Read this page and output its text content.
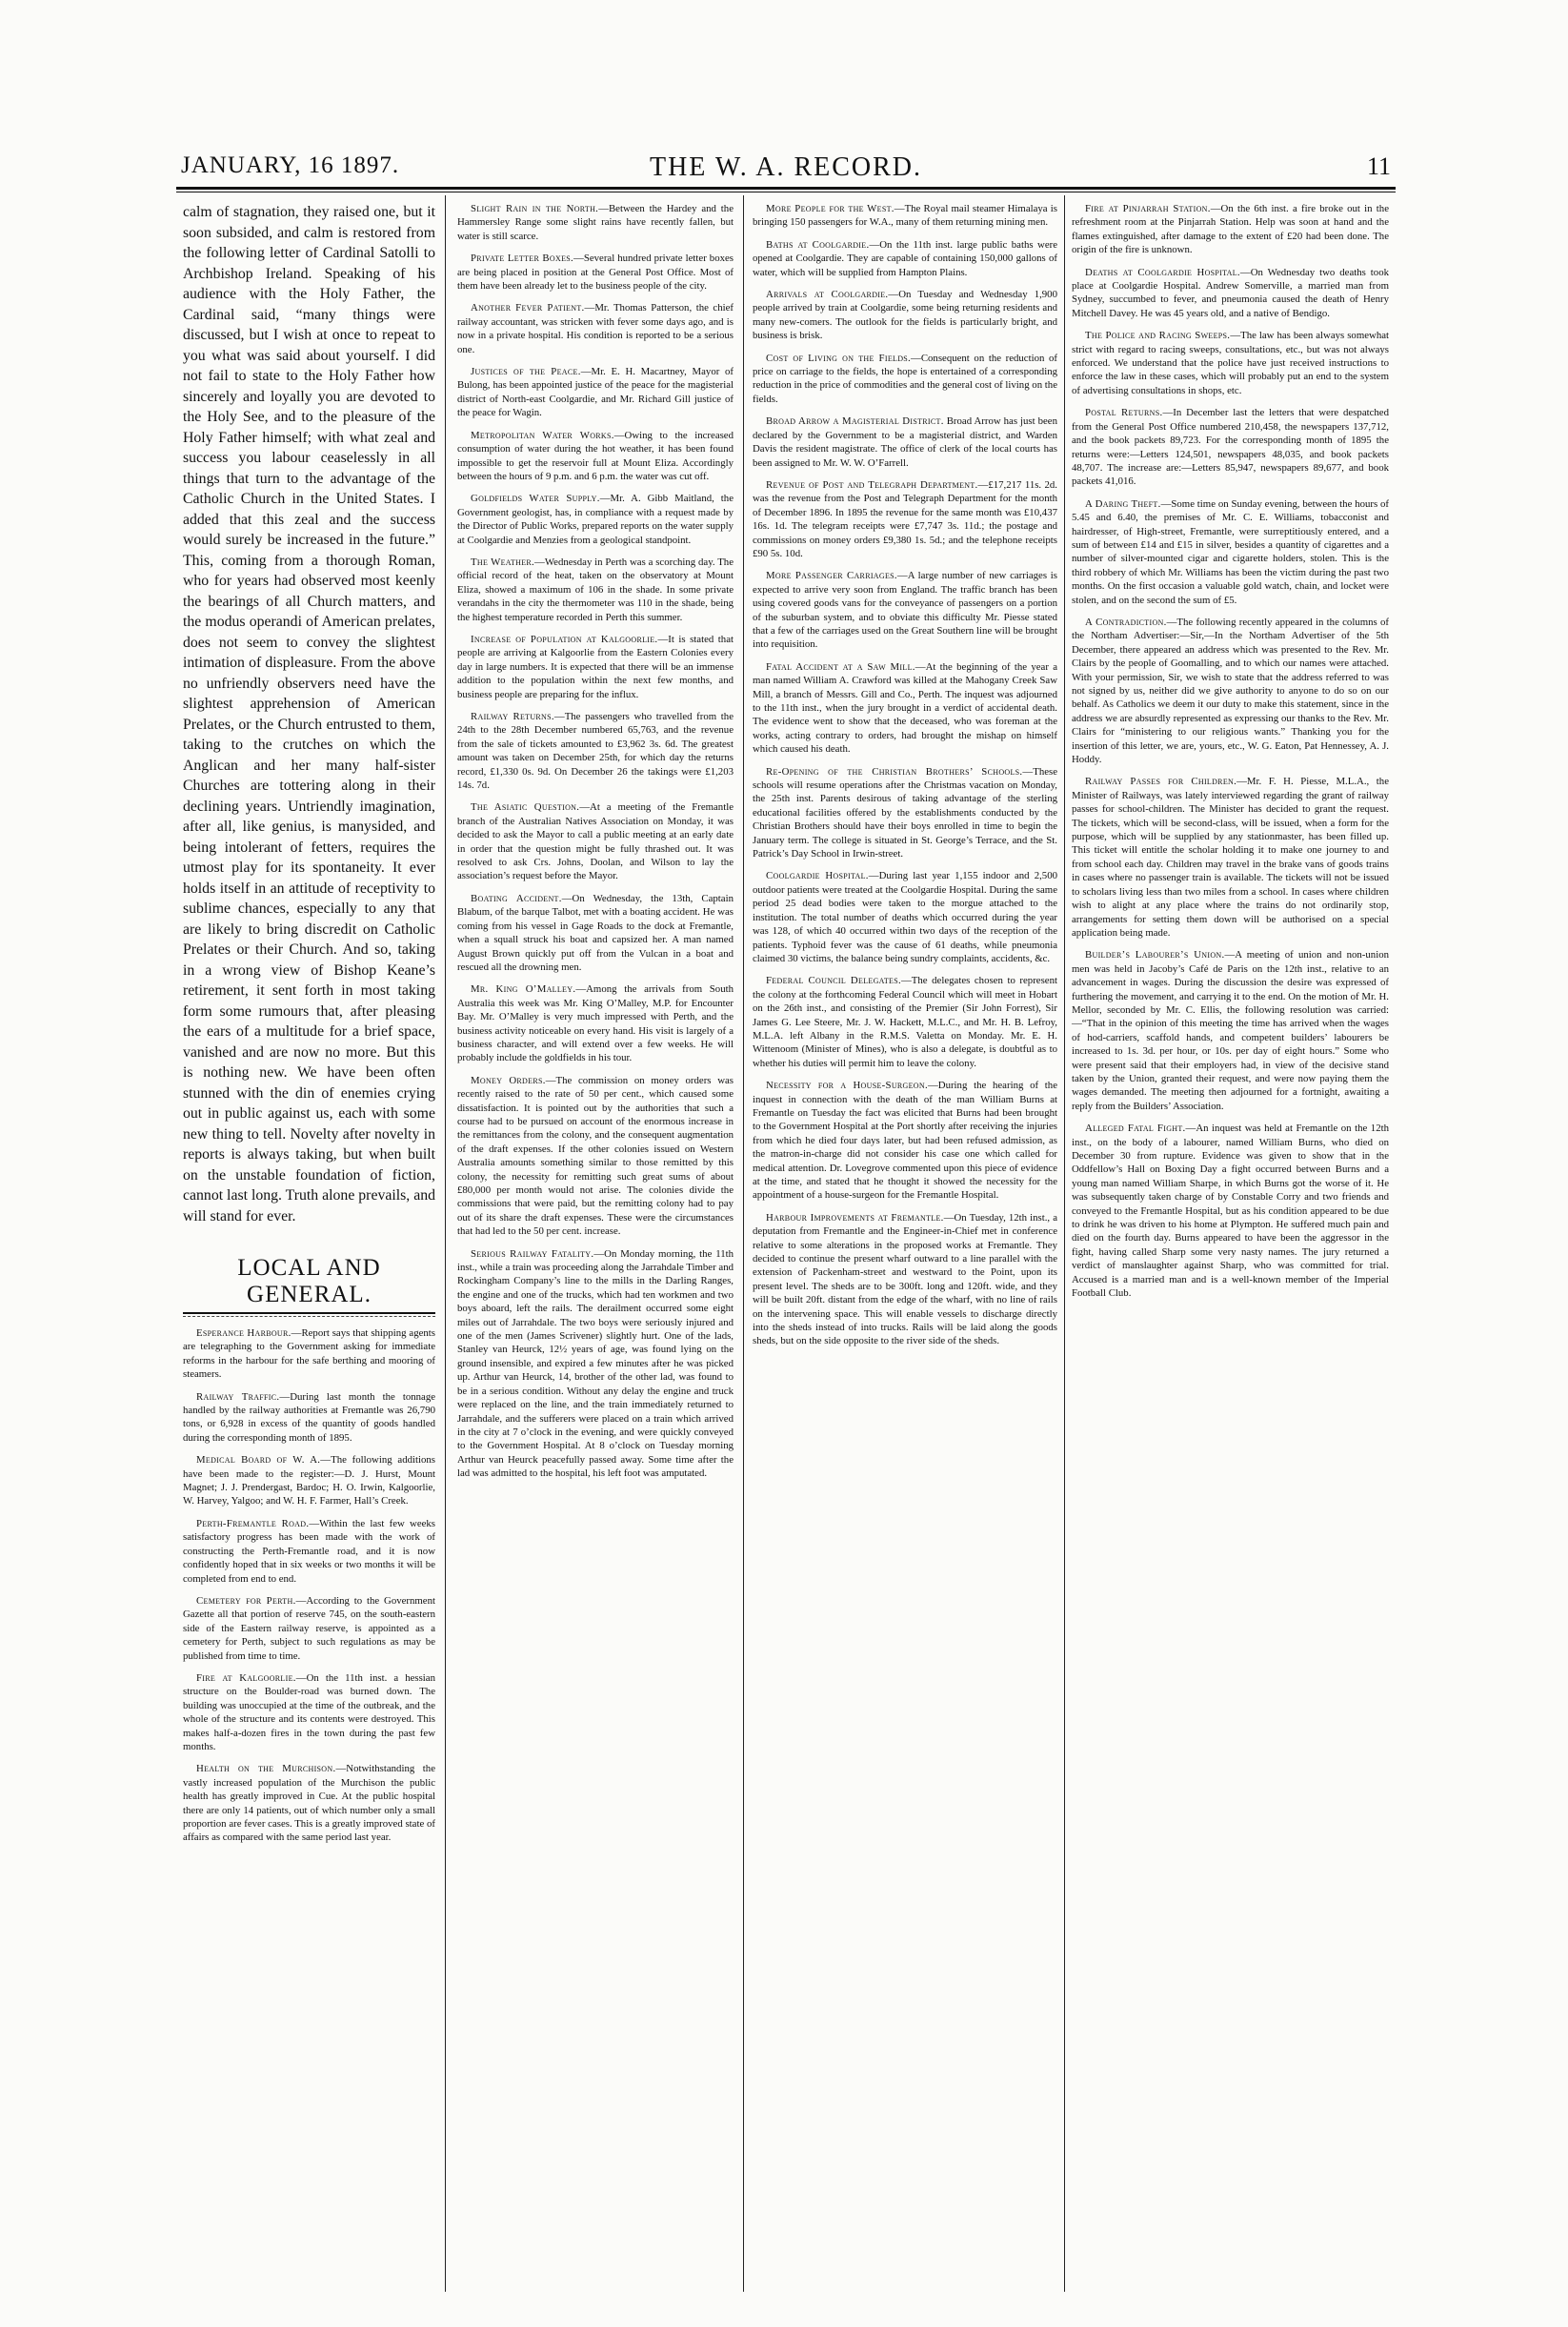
JANUARY, 16 1897.	THE W. A. RECORD.	11

calm of stagnation, they raised one, but it soon subsided, and calm is restored from the following letter of Cardinal Satolli to Archbishop Ireland. Speaking of his audience with the Holy Father, the Cardinal said, “many things were discussed, but I wish at once to repeat to you what was said about yourself. I did not fail to state to the Holy Father how sincerely and loyally you are devoted to the Holy See, and to the pleasure of the Holy Father himself; with what zeal and success you labour ceaselessly in all things that turn to the advantage of the Catholic Church in the United States. I added that this zeal and the success would surely be increased in the future.” This, coming from a thorough Roman, who for years had observed most keenly the bearings of all Church matters, and the modus operandi of American prelates, does not seem to convey the slightest intimation of displeasure. From the above no unfriendly observers need have the slightest apprehension of American Prelates, or the Church entrusted to them, taking to the crutches on which the Anglican and her many half-sister Churches are tottering along in their declining years. Untriendly imagination, after all, like genius, is manysided, and being intolerant of fetters, requires the utmost play for its spontaneity. It ever holds itself in an attitude of receptivity to sublime chances, especially to any that are likely to bring discredit on Catholic Prelates or their Church. And so, taking in a wrong view of Bishop Keane’s retirement, it sent forth in most taking form some rumours that, after pleasing the ears of a multitude for a brief space, vanished and are now no more. But this is nothing new. We have been often stunned with the din of enemies crying out in public against us, each with some new thing to tell. Novelty after novelty in reports is always taking, but when built on the unstable foundation of fiction, cannot last long. Truth alone prevails, and will stand for ever.

LOCAL AND GENERAL.

Esperance Harbour.—Report says that shipping agents are telegraphing to the Government asking for immediate reforms in the harbour for the safe berthing and mooring of steamers.

Railway Traffic.—During last month the tonnage handled by the railway authorities at Fremantle was 26,790 tons, or 6,928 in excess of the quantity of goods handled during the corresponding month of 1895.

Medical Board of W. A.—The following additions have been made to the register:—D. J. Hurst, Mount Magnet; J. J. Prendergast, Bardoc; H. O. Irwin, Kalgoorlie, W. Harvey, Yalgoo; and W. H. F. Farmer, Hall’s Creek.

Perth-Fremantle Road.—Within the last few weeks satisfactory progress has been made with the work of constructing the Perth-Fremantle road, and it is now confidently hoped that in six weeks or two months it will be completed from end to end.

Cemetery for Perth.—According to the Government Gazette all that portion of reserve 745, on the south-eastern side of the Eastern railway reserve, is appointed as a cemetery for Perth, subject to such regulations as may be published from time to time.

Fire at Kalgoorlie.—On the 11th inst. a hessian structure on the Boulder-road was burned down. The building was unoccupied at the time of the outbreak, and the whole of the structure and its contents were destroyed. This makes half-a-dozen fires in the town during the past few months.

Health on the Murchison.—Notwithstanding the vastly increased population of the Murchison the public health has greatly improved in Cue. At the public hospital there are only 14 patients, out of which number only a small proportion are fever cases. This is a greatly improved state of affairs as compared with the same period last year.

Slight Rain in the North.—Between the Hardey and the Hammersley Range some slight rains have recently fallen, but water is still scarce.

Private Letter Boxes.—Several hundred private letter boxes are being placed in position at the General Post Office. Most of them have been already let to the business people of the city.

Another Fever Patient.—Mr. Thomas Patterson, the chief railway accountant, was stricken with fever some days ago, and is now in a private hospital. His condition is reported to be a serious one.

Justices of the Peace.—Mr. E. H. Macartney, Mayor of Bulong, has been appointed justice of the peace for the magisterial district of North-east Coolgardie, and Mr. Richard Gill justice of the peace for Wagin.

Metropolitan Water Works.—Owing to the increased consumption of water during the hot weather, it has been found impossible to get the reservoir full at Mount Eliza. Accordingly between the hours of 9 p.m. and 6 p.m. the water was cut off.

Goldfields Water Supply.—Mr. A. Gibb Maitland, the Government geologist, has, in compliance with a request made by the Director of Public Works, prepared reports on the water supply at Coolgardie and Menzies from a geological standpoint.

The Weather.—Wednesday in Perth was a scorching day. The official record of the heat, taken on the observatory at Mount Eliza, showed a maximum of 106 in the shade. In some private verandahs in the city the thermometer was 110 in the shade, being the highest temperature recorded in Perth this summer.

Increase of Population at Kalgoorlie.—It is stated that people are arriving at Kalgoorlie from the Eastern Colonies every day in large numbers. It is expected that there will be an immense addition to the population within the next few months, and business people are preparing for the influx.

Railway Returns.—The passengers who travelled from the 24th to the 28th December numbered 65,763, and the revenue from the sale of tickets amounted to £3,962 3s. 6d. The greatest amount was taken on December 25th, for which day the returns record, £1,330 0s. 9d. On December 26 the takings were £1,203 14s. 7d.

The Asiatic Question.—At a meeting of the Fremantle branch of the Australian Natives Association on Monday, it was decided to ask the Mayor to call a public meeting at an early date in order that the question might be fully thrashed out. It was resolved to ask Crs. Johns, Doolan, and Wilson to lay the association’s request before the Mayor.

Boating Accident.—On Wednesday, the 13th, Captain Blabum, of the barque Talbot, met with a boating accident. He was coming from his vessel in Gage Roads to the dock at Fremantle, when a squall struck his boat and capsized her. A man named August Brown quickly put off from the Vulcan in a boat and rescued all the drowning men.

Mr. King O’Malley.—Among the arrivals from South Australia this week was Mr. King O’Malley, M.P. for Encounter Bay. Mr. O’Malley is very much impressed with Perth, and the business activity noticeable on every hand. His visit is largely of a business character, and will extend over a few weeks. He will probably include the goldfields in his tour.

Money Orders.—The commission on money orders was recently raised to the rate of 50 per cent., which caused some dissatisfaction. It is pointed out by the authorities that such a course had to be pursued on account of the enormous increase in the remittances from the colony, and the consequent augmentation of the draft expenses. If the other colonies issued on Western Australia amounts something similar to those remitted by this colony, the necessity for remitting such great sums of about £80,000 per month would not arise. The colonies divide the commissions that were paid, but the remitting colony had to pay out of its share the draft expenses. These were the circumstances that had led to the 50 per cent. increase.

Serious Railway Fatality.—On Monday morning, the 11th inst., while a train was proceeding along the Jarrahdale Timber and Rockingham Company’s line to the mills in the Darling Ranges, the engine and one of the trucks, which had ten workmen and two boys aboard, left the rails. The derailment occurred some eight miles out of Jarrahdale. The two boys were seriously injured and one of the men (James Scrivener) slightly hurt. One of the lads, Stanley van Heurck, 12½ years of age, was found lying on the ground insensible, and expired a few minutes after he was picked up. Arthur van Heurck, 14, brother of the other lad, was found to be in a serious condition. Without any delay the engine and truck were replaced on the line, and the train immediately returned to Jarrahdale, and the sufferers were placed on a train which arrived in the city at 7 o’clock in the evening, and were quickly conveyed to the Government Hospital. At 8 o’clock on Tuesday morning Arthur van Heurck peacefully passed away. Some time after the lad was admitted to the hospital, his left foot was amputated.

More People for the West.—The Royal mail steamer Himalaya is bringing 150 passengers for W.A., many of them returning mining men.

Baths at Coolgardie.—On the 11th inst. large public baths were opened at Coolgardie. They are capable of containing 150,000 gallons of water, which will be supplied from Hampton Plains.

Arrivals at Coolgardie.—On Tuesday and Wednesday 1,900 people arrived by train at Coolgardie, some being returning residents and many new-comers. The outlook for the fields is particularly bright, and business is brisk.

Cost of Living on the Fields.—Consequent on the reduction of price on carriage to the fields, the hope is entertained of a corresponding reduction in the price of commodities and the general cost of living on the fields.

Broad Arrow a Magisterial District. Broad Arrow has just been declared by the Government to be a magisterial district, and Warden Davis the resident magistrate. The office of clerk of the local courts has been assigned to Mr. W. W. O’Farrell.

Revenue of Post and Telegraph Department.—£17,217 11s. 2d. was the revenue from the Post and Telegraph Department for the month of December 1896. In 1895 the revenue for the same month was £10,437 16s. 1d. The telegram receipts were £7,747 3s. 11d.; the postage and commissions on money orders £9,380 1s. 5d.; and the telephone receipts £90 5s. 10d.

More Passenger Carriages.—A large number of new carriages is expected to arrive very soon from England. The traffic branch has been using covered goods vans for the conveyance of passengers on a portion of the suburban system, and to obviate this difficulty Mr. Piesse stated that a few of the carriages used on the Great Southern line will be brought into requisition.

Fatal Accident at a Saw Mill.—At the beginning of the year a man named William A. Crawford was killed at the Mahogany Creek Saw Mill, a branch of Messrs. Gill and Co., Perth. The inquest was adjourned to the 11th inst., when the jury brought in a verdict of accidental death. The evidence went to show that the deceased, who was foreman at the works, acting contrary to orders, had brought the mishap on himself which caused his death.

Re-Opening of the Christian Brothers’ Schools.—These schools will resume operations after the Christmas vacation on Monday, the 25th inst. Parents desirous of taking advantage of the sterling educational facilities offered by the establishments conducted by the Christian Brothers should have their boys enrolled in time to begin the January term. The college is situated in St. George’s Terrace, and the St. Patrick’s Day School in Irwin-street.

Coolgardie Hospital.—During last year 1,155 indoor and 2,500 outdoor patients were treated at the Coolgardie Hospital. During the same period 25 dead bodies were taken to the morgue attached to the institution. The total number of deaths which occurred during the year was 128, of which 40 occurred within two days of the reception of the patients. Typhoid fever was the cause of 61 deaths, while pneumonia claimed 30 victims, the balance being sundry complaints, accidents, &c.

Federal Council Delegates.—The delegates chosen to represent the colony at the forthcoming Federal Council which will meet in Hobart on the 26th inst., and consisting of the Premier (Sir John Forrest), Sir James G. Lee Steere, Mr. J. W. Hackett, M.L.C., and Mr. H. B. Lefroy, M.L.A. left Albany in the R.M.S. Valetta on Monday. Mr. E. H. Wittenoom (Minister of Mines), who is also a delegate, is doubtful as to whether his duties will permit him to leave the colony.

Necessity for a House-Surgeon.—During the hearing of the inquest in connection with the death of the man William Burns at Fremantle on Tuesday the fact was elicited that Burns had been brought to the Government Hospital at the Port shortly after receiving the injuries from which he died four days later, but had been refused admission, as the matron-in-charge did not consider his case one which called for medical attention. Dr. Lovegrove commented upon this piece of evidence at the time, and stated that he thought it showed the necessity for the appointment of a house-surgeon for the Fremantle Hospital.

Harbour Improvements at Fremantle.—On Tuesday, 12th inst., a deputation from Fremantle and the Engineer-in-Chief met in conference relative to some alterations in the proposed works at Fremantle. They decided to continue the present wharf outward to a line parallel with the extension of Packenham-street and westward to the Point, upon its present level. The sheds are to be 300ft. long and 120ft. wide, and they will be built 20ft. distant from the edge of the wharf, with no line of rails on the intervening space. This will enable vessels to discharge directly into the sheds instead of into trucks. Rails will be laid along the goods sheds, but on the side opposite to the river side of the sheds.

Fire at Pinjarrah Station.—On the 6th inst. a fire broke out in the refreshment room at the Pinjarrah Station. Help was soon at hand and the flames extinguished, after damage to the extent of £20 had been done. The origin of the fire is unknown.

Deaths at Coolgardie Hospital.—On Wednesday two deaths took place at Coolgardie Hospital. Andrew Somerville, a married man from Sydney, succumbed to fever, and pneumonia caused the death of Henry Mitchell Davey. He was 45 years old, and a native of Bendigo.

The Police and Racing Sweeps.—The law has been always somewhat strict with regard to racing sweeps, consultations, etc., but was not always enforced. We understand that the police have just received instructions to enforce the law in these cases, which will probably put an end to the system of advertising consultations in shops, etc.

Postal Returns.—In December last the letters that were despatched from the General Post Office numbered 210,458, the newspapers 137,712, and the book packets 89,723. For the corresponding month of 1895 the returns were:—Letters 124,501, newspapers 48,035, and book packets 48,707. The increase are:—Letters 85,947, newspapers 89,677, and book packets 41,016.

A Daring Theft.—Some time on Sunday evening, between the hours of 5.45 and 6.40, the premises of Mr. C. E. Williams, tobacconist and hairdresser, of High-street, Fremantle, were surreptitiously entered, and a sum of between £14 and £15 in silver, besides a quantity of cigarettes and a number of silver-mounted cigar and cigarette holders, stolen. This is the third robbery of which Mr. Williams has been the victim during the past two months. On the first occasion a valuable gold watch, chain, and locket were stolen, and on the second the sum of £5.

A Contradiction.—The following recently appeared in the columns of the Northam Advertiser:—Sir,—In the Northam Advertiser of the 5th December, there appeared an address which was presented to the Rev. Mr. Clairs by the people of Goomalling, and to which our names were attached. With your permission, Sir, we wish to state that the address referred to was not signed by us, neither did we give authority to anyone to do so on our behalf. As Catholics we deem it our duty to make this statement, since in the address we are absurdly represented as expressing our thanks to the Rev. Mr. Clairs for “ministering to our religious wants.” Thanking you for the insertion of this letter, we are, yours, etc., W. G. Eaton, Pat Hennessey, A. J. Hoddy.

Railway Passes for Children.—Mr. F. H. Piesse, M.L.A., the Minister of Railways, was lately interviewed regarding the grant of railway passes for school-children. The Minister has decided to grant the request. The tickets, which will be second-class, will be issued, when a form for the purpose, which will be supplied by any stationmaster, has been filled up. This ticket will entitle the scholar holding it to make one journey to and from school each day. Children may travel in the brake vans of goods trains in cases where no passenger train is available. The tickets will not be issued to scholars living less than two miles from a school. In cases where children wish to alight at any place where the trains do not ordinarily stop, arrangements for setting them down will be authorised on a special application being made.

Builder’s Labourer’s Union.—A meeting of union and non-union men was held in Jacoby’s Café de Paris on the 12th inst., relative to an advancement in wages. During the discussion the desire was expressed of furthering the movement, and carrying it to the end. On the motion of Mr. H. Mellor, seconded by Mr. C. Ellis, the following resolution was carried:—“That in the opinion of this meeting the time has arrived when the wages of hod-carriers, scaffold hands, and competent builders’ labourers be increased to 1s. 3d. per hour, or 10s. per day of eight hours.” Some who were present said that their employers had, in view of the decisive stand taken by the Union, granted their request, and were now paying them the wages demanded. The meeting then adjourned for a fortnight, awaiting a reply from the Builders’ Association.

Alleged Fatal Fight.—An inquest was held at Fremantle on the 12th inst., on the body of a labourer, named William Burns, who died on December 30 from rupture. Evidence was given to show that in the Oddfellow’s Hall on Boxing Day a fight occurred between Burns and a young man named William Sharpe, in which Burns got the worse of it. He was subsequently taken charge of by Constable Corry and two friends and conveyed to the Fremantle Hospital, but as his condition appeared to be due to drink he was driven to his home at Plympton. He suffered much pain and died on the fourth day. Burns appeared to have been the aggressor in the fight, having called Sharp some very nasty names. The jury returned a verdict of manslaughter against Sharp, who was committed for trial. Accused is a married man and is a well-known member of the Imperial Football Club.
